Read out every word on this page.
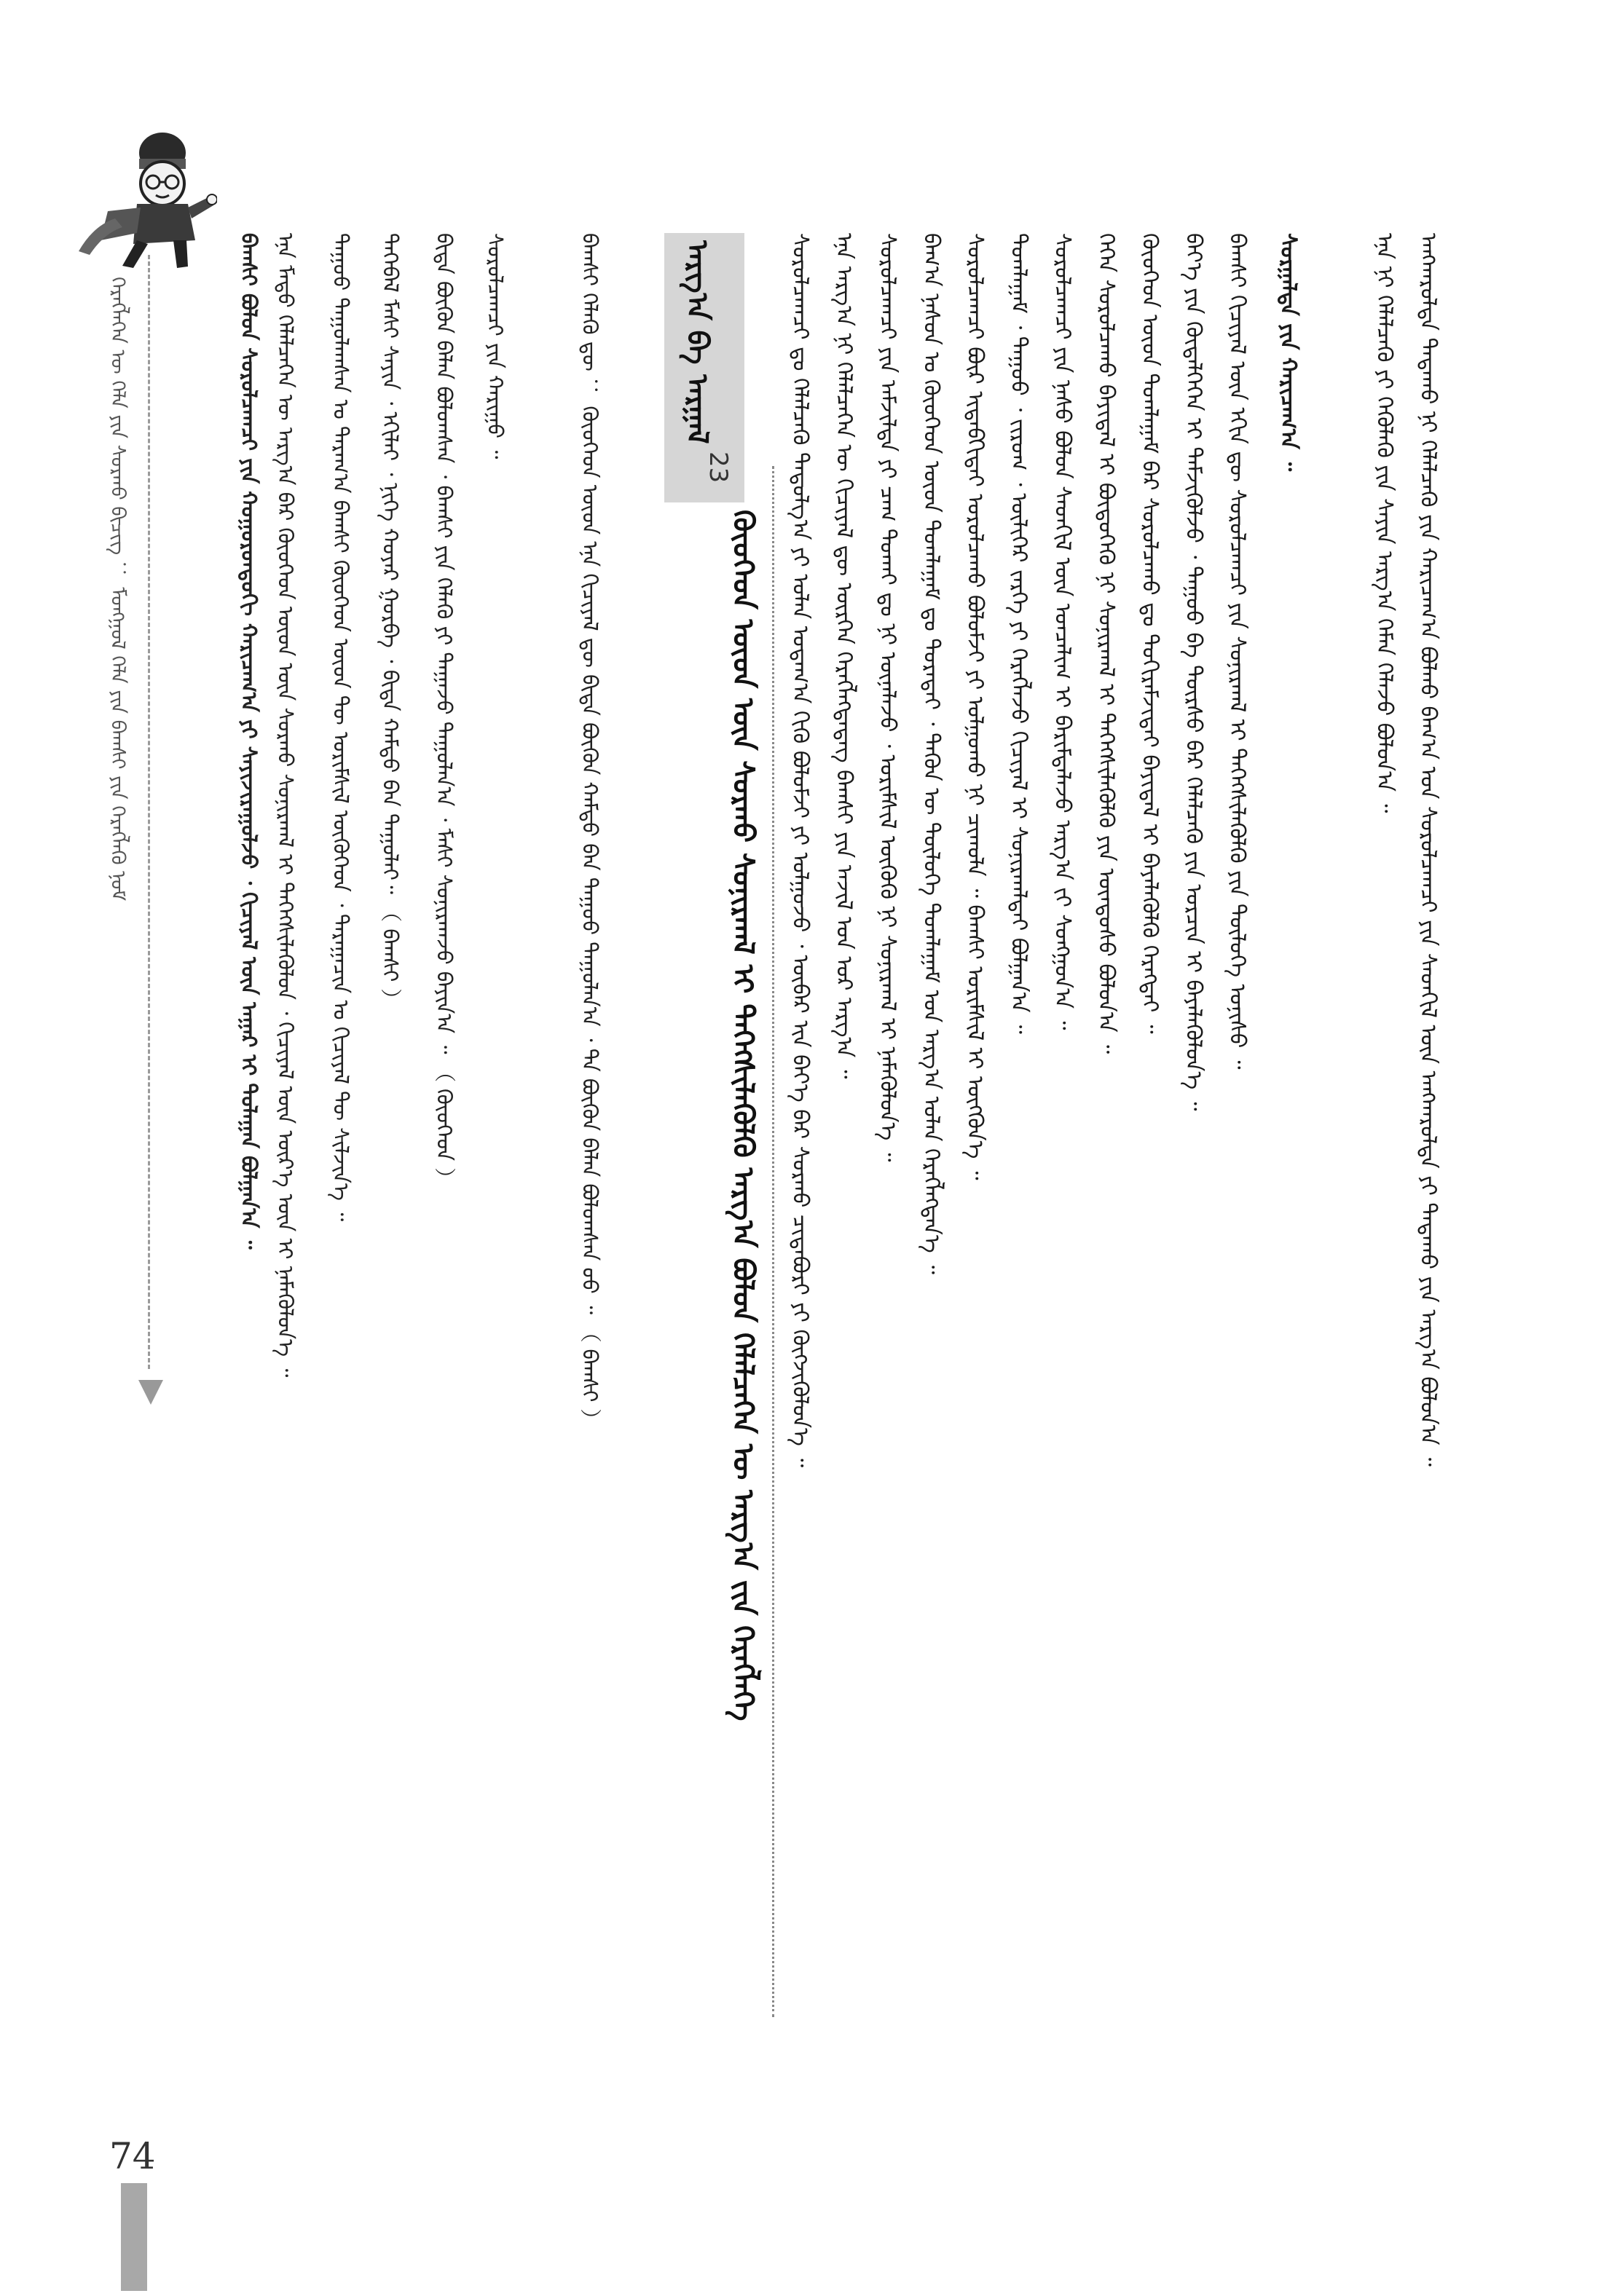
ᠬᠡᠷᠡᠭᠯᠡᠭᠡᠨ ᠦ ᠬᠡᠯᠡ ᠶᠢᠨ ᠰᠤᠷᠬᠤ ᠪᠢᠴᠢᠭ᠌ ： ᠮᠣᠩᠭᠤᠯ ᠬᠡᠯᠡ ᠶᠢᠨ ᠪᠠᠭᠰᠢ ᠶᠢᠨ ᠬᠡᠷᠡᠭᠯᠡᠬᠦ ᠨᠣᠮ	ᠪᠠᠭᠰᠢ ᠪᠣᠯᠤᠨ ᠰᠤᠷᠤᠯᠴᠠᠭᠴᠢ ᠶᠢᠨ ᠬᠣᠭᠣᠷᠣᠨᠳᠤᠬᠢ ᠬᠠᠷᠢᠴᠠᠭ᠎ᠠ ᠶᠢ ᠰᠠᠶᠢᠵᠢᠷᠠᠭᠤᠯᠵᠤ ᠂ ᠬᠢᠴᠢᠶᠡᠯ ᠦᠨ ᠠᠭᠠᠷ ᠢ ᠳᠤᠯᠠᠭᠠᠨ ᠪᠣᠯᠭᠠᠨ᠎ᠠ ᠃ ᠡᠨᠡ ᠮᠡᠲᠦ ᠬᠡᠯᠡᠯᠴᠡᠭᠡᠨ ᠦ ᠠᠷᠭ᠎ᠠ ᠪᠠᠷ ᠬᠦᠦᠬᠡᠳ ᠦᠳ ᠦᠨ ᠰᠤᠷᠬᠤ ᠰᠣᠨᠢᠷᠬᠠᠯ ᠢ ᠳᠡᠭᠡᠭᠰᠢᠯᠡᠭᠦᠯᠦᠨ ᠂ ᠬᠢᠴᠢᠶᠡᠯ ᠦᠨ ᠦᠷ᠎ᠡ ᠦᠨ ᠢ ᠨᠡᠮᠡᠭᠦᠯᠦᠨ᠎ᠡ ᠃ ᠳᠠᠭᠤᠤ ᠳᠠᠭᠤᠯᠠᠭᠰᠠᠨ ᠤ ᠳᠠᠷᠠᠭ᠎ᠠ ᠪᠠᠭᠰᠢ ᠬᠦᠦᠬᠡᠳ ᠦᠳ ᠲᠦ ᠤᠷᠢᠮᠰᠢᠯ ᠥᠭᠦᠭᠡᠳ ᠂ ᠳᠠᠷᠠᠭᠠᠴᠢᠨ ᠤ ᠬᠢᠴᠢᠶᠡᠯ ᠲᠦ ᠰᠢᠯᠵᠢᠨ᠎ᠡ ᠃ ᠲᠡᠭᠡᠪᠡᠯ ᠮᠠᠰᠢ ᠰᠠᠶᠢᠨ ᠂ ᠡᠬᠢᠯᠡᠶ ᠂ ᠨᠢᠭᠡ ᠬᠣᠶᠠᠷ ᠭᠤᠷᠪᠠ ᠂ ᠪᠢᠳᠡ ᠬᠠᠮᠲᠤ ᠪᠡᠨ ᠳᠠᠭᠤᠯᠠᠶ᠃ （ ᠪᠠᠭᠰᠢ ） ᠪᠢᠳᠡ ᠪᠦᠬᠦᠨ ᠪᠡᠯᠡᠨ ᠪᠣᠯᠤᠭᠰᠠᠨ ᠂ ᠪᠠᠭᠰᠢ ᠶᠢᠨ ᠬᠡᠯᠡᠬᠦ ᠶᠢ ᠳᠠᠭᠠᠵᠤ ᠳᠠᠭᠤᠯᠠᠨ᠎ᠠ ᠂ ᠮᠠᠰᠢ ᠰᠣᠨᠢᠷᠬᠠᠵᠤ ᠪᠠᠶᠢᠨ᠎ᠠ ᠃ （ ᠬᠦᠦᠬᠡᠳ ） ᠰᠤᠷᠤᠯᠴᠠᠭᠴᠢ ᠶᠢᠨ ᠬᠠᠷᠢᠭᠤ ᠃	ᠪᠠᠭᠰᠢ ᠬᠡᠯᠡᠬᠦ ᠳᠦ ： ᠬᠦᠦᠬᠡᠳ ᠦᠳ ᠡᠨᠡ ᠬᠢᠴᠢᠶᠡᠯ ᠳᠦ ᠪᠢᠳᠡ ᠪᠦᠬᠦᠨ ᠬᠠᠮᠲᠤ ᠪᠡᠨ ᠳᠠᠭᠤᠤ ᠳᠠᠭᠤᠯᠠᠨ᠎ᠠ ᠂ ᠲᠠ ᠪᠦᠬᠦᠨ ᠪᠡᠯᠡᠨ ᠪᠣᠯᠤᠭᠰᠠᠨ ᠤᠤ ᠃ （ ᠪᠠᠭᠰᠢ ）	ᠠᠷᠭ᠎ᠠ ᠪᠠ ᠠᠷᠭᠠᠯ
23
ᠬᠦᠦᠬᠡᠳ ᠦᠳ ᠦᠨ ᠰᠤᠷᠬᠤ ᠰᠣᠨᠢᠷᠬᠠᠯ ᠢ ᠳᠡᠭᠡᠭᠰᠢᠯᠡᠭᠦᠯᠬᠦ ᠠᠷᠭ᠎ᠠ ᠪᠣᠯᠤᠨ ᠬᠡᠯᠡᠯᠴᠡᠭᠡᠨ ᠦ ᠠᠷᠭ᠎ᠠ ᠵᠢᠨ ᠬᠡᠷᠡᠭᠯᠡᠭᠡ ᠰᠤᠷᠤᠯᠴᠠᠭᠴᠢ ᠳᠤ ᠬᠡᠯᠡᠯᠴᠡᠬᠦ ᠳᠠᠳᠤᠯᠭ᠎ᠠ ᠶᠢ ᠣᠯᠠᠨ ᠤᠳᠠᠭ᠎ᠠ ᠬᠢᠬᠦ ᠪᠣᠯᠤᠮᠵᠢ ᠶᠢ ᠣᠯᠭᠣᠵᠤ ᠂ ᠥᠪᠡᠷ ᠢᠨ ᠪᠡᠶ᠎ᠡ ᠪᠡᠷ ᠰᠤᠷᠬᠤ ᠴᠢᠳᠠᠪᠤᠷᠢ ᠶᠢ ᠬᠥᠭᠵᠢᠭᠦᠯᠦᠨ᠎ᠡ ᠃ ᠡᠨᠡ ᠠᠷᠭ᠎ᠠ ᠨᠢ ᠬᠡᠯᠡᠯᠴᠡᠭᠡᠨ ᠦ ᠬᠢᠴᠢᠶᠡᠯ ᠳᠦ ᠥᠷᠭᠡᠨ ᠬᠡᠷᠡᠭᠯᠡᠭᠳᠡᠳᠡᠭ ᠪᠠᠭᠰᠢ ᠶᠢᠨ ᠠᠵᠢᠯ ᠤᠨ ᠤᠷ ᠠᠷᠭ᠎ᠠ ᠃ ᠰᠤᠷᠤᠯᠴᠠᠭᠴᠢ ᠶᠢᠨ ᠠᠮᠵᠢᠯᠲᠠ ᠶᠢ ᠴᠠᠭ ᠲᠤᠬᠠᠢ ᠳᠤ ᠨᠢ ᠦᠨᠡᠯᠡᠵᠦ ᠂ ᠤᠷᠢᠮᠰᠢᠯ ᠦᠭᠦᠬᠦ ᠨᠢ ᠰᠣᠨᠢᠷᠬᠠᠯ ᠢ ᠨᠡᠮᠡᠭᠦᠯᠦᠨ᠎ᠡ ᠃ ᠪᠠᠭ᠎ᠠ ᠨᠠᠰᠤᠨ ᠤ ᠬᠦᠦᠬᠡᠳ ᠦᠳ ᠲᠣᠭᠯᠠᠭᠠᠮ ᠳᠤ ᠳᠤᠷᠠᠲᠠᠢ ᠂ ᠲᠡᠭᠦᠨ ᠦ ᠲᠥᠯᠦᠭᠡ ᠲᠣᠭᠯᠠᠭᠠᠮ ᠤᠨ ᠠᠷᠭ᠎ᠠ ᠣᠯᠠᠨ ᠬᠡᠷᠡᠭᠯᠡᠭᠳᠡᠨ᠎ᠡ ᠃ ᠰᠤᠷᠤᠯᠴᠠᠭᠴᠢ ᠪᠦᠷ ᠢᠳᠡᠪᠬᠢᠲᠡᠢ ᠣᠷᠣᠯᠴᠠᠬᠤ ᠪᠣᠯᠤᠮᠵᠢ ᠶᠢ ᠣᠯᠭᠣᠬᠤ ᠨᠢ ᠴᠢᠬᠤᠯᠠ ᠃ ᠪᠠᠭᠰᠢ ᠤᠷᠢᠮᠰᠢᠯ ᠢ ᠥᠭᠭᠦᠨ᠎ᠡ ᠃ ᠲᠣᠭᠯᠠᠭᠠᠮ ᠂ ᠳᠠᠭᠤᠤ ᠂ ᠵᠢᠷᠤᠭ ᠂ ᠦᠯᠢᠭᠡᠷ ᠵᠡᠷᠭᠡ ᠶᠢ ᠬᠡᠷᠡᠭᠯᠡᠵᠦ ᠬᠢᠴᠢᠶᠡᠯ ᠢ ᠰᠣᠨᠢᠷᠬᠠᠯᠲᠠᠢ ᠪᠣᠯᠭᠠᠨ᠎ᠠ ᠃ ᠰᠤᠷᠤᠯᠴᠠᠭᠴᠢ ᠶᠢᠨ ᠨᠠᠰᠤ ᠪᠣᠯᠤᠨ ᠰᠡᠳᠬᠢᠯ ᠦᠨ ᠣᠨᠴᠠᠯᠢᠭ ᠢ ᠪᠠᠷᠢᠮᠲᠠᠯᠠᠵᠤ ᠠᠷᠭ᠎ᠠ ᠵᠢ ᠰᠣᠩᠭᠣᠨ᠎ᠠ ᠃ ᠭᠡᠭᠡᠨ ᠰᠤᠷᠤᠯᠴᠠᠬᠤ ᠪᠠᠶᠢᠳᠠᠯ ᠢ ᠪᠦᠲᠦᠭᠡᠬᠦ ᠨᠢ ᠰᠣᠨᠢᠷᠬᠠᠯ ᠢ ᠳᠡᠭᠡᠭᠰᠢᠯᠡᠭᠦᠯᠬᠦ ᠶᠢᠨ ᠦᠨᠳᠦᠰᠦ ᠪᠣᠯᠤᠨ᠎ᠠ ᠃ ᠬᠦᠦᠬᠡᠳ ᠦᠳ ᠲᠣᠭᠯᠠᠭᠠᠮ ᠪᠠᠷ ᠰᠤᠷᠤᠯᠴᠠᠬᠤ ᠳᠤ ᠲᠣᠬᠢᠷᠠᠮᠵᠢᠲᠠᠢ ᠪᠠᠶᠢᠳᠠᠯ ᠢ ᠪᠡᠶᠡᠯᠡᠭᠦᠯᠬᠦ ᠬᠡᠷᠡᠭᠲᠡᠢ ᠃ ᠪᠡᠶ᠎ᠡ ᠶᠢᠨ ᠬᠥᠳᠡᠯᠭᠡᠭᠡᠨ ᠢ ᠳᠡᠮᠵᠢᠭᠦᠯᠵᠦ ᠂ ᠳᠠᠭᠤᠤ ᠪᠠ ᠳᠦᠷᠰᠦ ᠪᠡᠷ ᠬᠡᠯᠡᠯᠴᠡᠬᠦ ᠶᠢᠨ ᠤᠷᠴᠢᠨ ᠢ ᠪᠡᠶᠡᠯᠡᠭᠦᠯᠦᠨ᠎ᠡ ᠃ ᠪᠠᠭᠰᠢ ᠬᠢᠴᠢᠶᠡᠯ ᠦᠨ ᠡᠬᠢᠨ ᠳᠦ ᠰᠤᠷᠤᠯᠴᠠᠭᠴᠢ ᠶᠢᠨ ᠰᠣᠨᠢᠷᠬᠠᠯ ᠢ ᠳᠡᠭᠡᠭᠰᠢᠯᠡᠭᠦᠯᠬᠦ ᠶᠢᠨ ᠲᠥᠯᠦᠭᠡ ᠤᠨᠢᠰᠤ ᠃ ᠰᠤᠷᠭᠠᠯᠲᠠ ᠶᠢᠨ ᠬᠠᠷᠢᠴᠠᠭ᠎ᠠ ᠃	ᠡᠨᠡ ᠨᠢ ᠬᠡᠯᠡᠯᠴᠡᠬᠦ ᠶᠢ ᠬᠡᠭᠦᠯᠡᠬᠦ ᠶᠢᠨ ᠰᠠᠶᠢᠨ ᠠᠷᠭ᠎ᠠ ᠬᠡᠮᠡᠨ ᠬᠡᠯᠡᠵᠦ ᠪᠣᠯᠤᠨ᠎ᠠ ᠃ ᠠᠩᠬᠠᠷᠤᠯᠲᠠ ᠲᠠᠲᠠᠬᠤ ᠨᠢ ᠬᠡᠯᠡᠯᠴᠡᠬᠦ ᠶᠢᠨ ᠬᠠᠷᠢᠴᠠᠭ᠎ᠠ ᠪᠣᠯᠬᠤ ᠪᠠᠭ᠎ᠠ ᠤᠨ ᠰᠤᠷᠤᠯᠴᠠᠭᠴᠢ ᠶᠢᠨ ᠰᠡᠳᠬᠢᠯ ᠦᠨ ᠠᠩᠬᠠᠷᠤᠯᠲᠠ ᠶᠢ ᠲᠠᠲᠠᠬᠤ ᠶᠢᠨ ᠠᠷᠭ᠎ᠠ ᠪᠣᠯᠤᠨ᠎ᠠ ᠃
74
